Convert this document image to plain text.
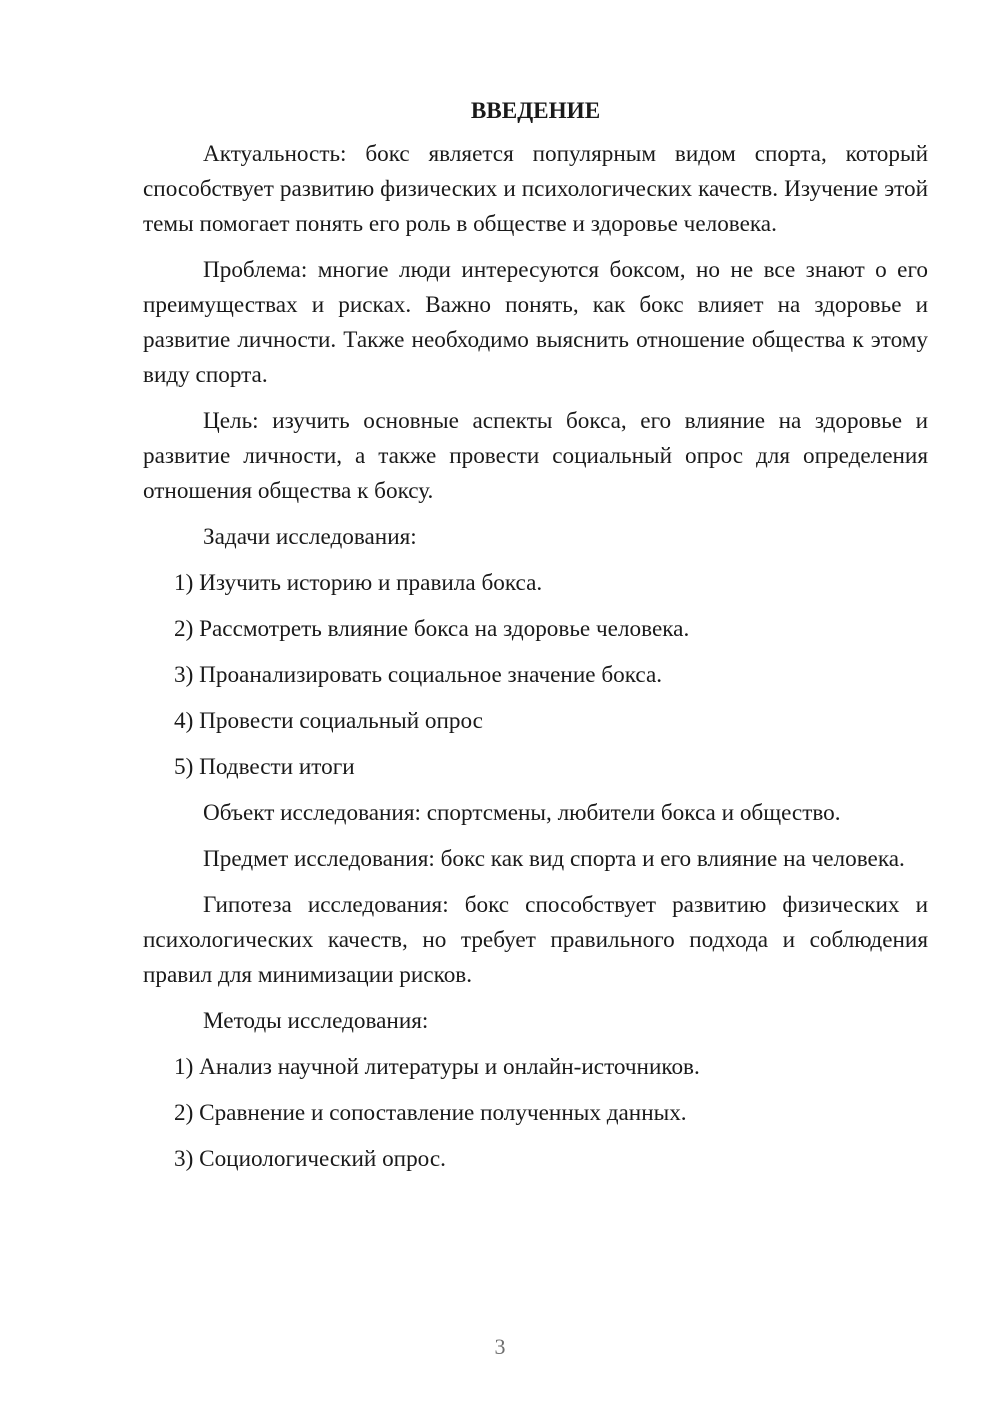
ВВЕДЕНИЕ

Актуальность: бокс является популярным видом спорта, который способствует развитию физических и психологических качеств. Изучение этой темы помогает понять его роль в обществе и здоровье человека.

Проблема: многие люди интересуются боксом, но не все знают о его преимуществах и рисках. Важно понять, как бокс влияет на здоровье и развитие личности. Также необходимо выяснить отношение общества к этому виду спорта.

Цель: изучить основные аспекты бокса, его влияние на здоровье и развитие личности, а также провести социальный опрос для определения отношения общества к боксу.

Задачи исследования:

1) Изучить историю и правила бокса.

2) Рассмотреть влияние бокса на здоровье человека.

3) Проанализировать социальное значение бокса.

4) Провести социальный опрос

5) Подвести итоги

Объект исследования: спортсмены, любители бокса и общество.

Предмет исследования: бокс как вид спорта и его влияние на человека.

Гипотеза исследования: бокс способствует развитию физических и психологических качеств, но требует правильного подхода и соблюдения правил для минимизации рисков.

Методы исследования:

1) Анализ научной литературы и онлайн-источников.

2) Сравнение и сопоставление полученных данных.

3) Социологический опрос.

3
